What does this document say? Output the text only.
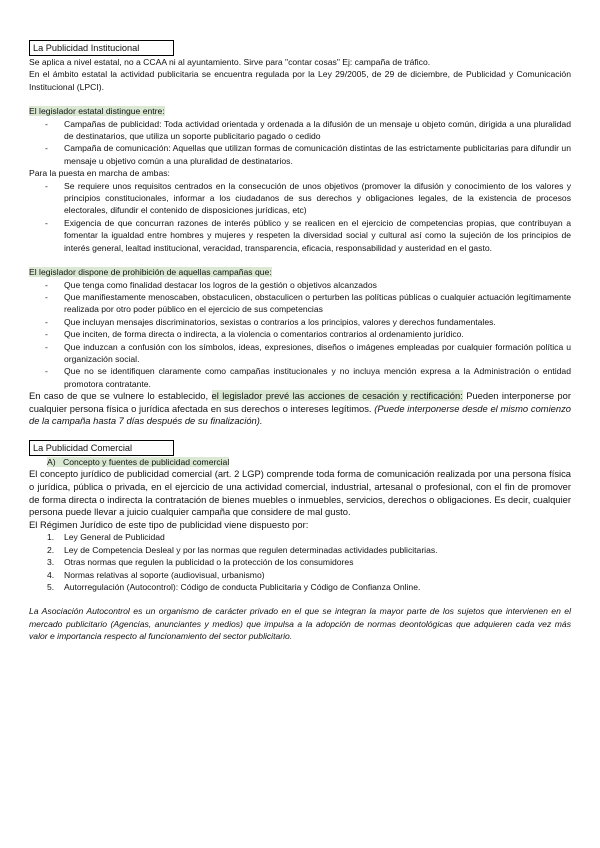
La Publicidad Institucional

Se aplica a nivel estatal, no a CCAA ni al ayuntamiento. Sirve para "contar cosas" Ej: campaña de tráfico.

En el ámbito estatal la actividad publicitaria se encuentra regulada por la Ley 29/2005, de 29 de diciembre, de Publicidad y Comunicación Institucional (LPCI).

El legislador estatal distingue entre:

- Campañas de publicidad: Toda actividad orientada y ordenada a la difusión de un mensaje u objeto común, dirigida a una pluralidad de destinatarios, que utiliza un soporte publicitario pagado o cedido
- Campaña de comunicación: Aquellas que utilizan formas de comunicación distintas de las estrictamente publicitarias para difundir un mensaje u objetivo común a una pluralidad de destinatarios.

Para la puesta en marcha de ambas:

- Se requiere unos requisitos centrados en la consecución de unos objetivos (promover la difusión y conocimiento de los valores y principios constitucionales, informar a los ciudadanos de sus derechos y obligaciones legales, de la existencia de procesos electorales, difundir el contenido de disposiciones jurídicas, etc)
- Exigencia de que concurran razones de interés público y se realicen en el ejercicio de competencias propias, que contribuyan a fomentar la igualdad entre hombres y mujeres y respeten la diversidad social y cultural así como la sujeción de los principios de interés general, lealtad institucional, veracidad, transparencia, eficacia, responsabilidad y austeridad en el gasto.

El legislador dispone de prohibición de aquellas campañas que:

- Que tenga como finalidad destacar los logros de la gestión o objetivos alcanzados
- Que manifiestamente menoscaben, obstaculicen, obstaculicen o perturben las políticas públicas o cualquier actuación legítimamente realizada por otro poder público en el ejercicio de sus competencias
- Que incluyan mensajes discriminatorios, sexistas o contrarios a los principios, valores y derechos fundamentales.
- Que inciten, de forma directa o indirecta, a la violencia o comentarios contrarios al ordenamiento jurídico.
- Que induzcan a confusión con los símbolos, ideas, expresiones, diseños o imágenes empleadas por cualquier formación política u organización social.
- Que no se identifiquen claramente como campañas institucionales y no incluya mención expresa a la Administración o entidad promotora contratante.

En caso de que se vulnere lo establecido, el legislador prevé las acciones de cesación y rectificación: Pueden interponerse por cualquier persona física o jurídica afectada en sus derechos o intereses legítimos. (Puede interponerse desde el mismo comienzo de la campaña hasta 7 días después de su finalización).

La Publicidad Comercial

A) Concepto y fuentes de publicidad comercial

El concepto jurídico de publicidad comercial (art. 2 LGP) comprende toda forma de comunicación realizada por una persona física o jurídica, pública o privada, en el ejercicio de una actividad comercial, industrial, artesanal o profesional, con el fin de promover de forma directa o indirecta la contratación de bienes muebles o inmuebles, servicios, derechos o obligaciones. Es decir, cualquier persona puede llevar a juicio cualquier campaña que considere de mal gusto.

El Régimen Jurídico de este tipo de publicidad viene dispuesto por:

1. Ley General de Publicidad
2. Ley de Competencia Desleal y por las normas que regulen determinadas actividades publicitarias.
3. Otras normas que regulen la publicidad o la protección de los consumidores
4. Normas relativas al soporte (audiovisual, urbanismo)
5. Autorregulación (Autocontrol): Código de conducta Publicitaria y Código de Confianza Online.

La Asociación Autocontrol es un organismo de carácter privado en el que se integran la mayor parte de los sujetos que intervienen en el mercado publicitario (Agencias, anunciantes y medios) que impulsa a la adopción de normas deontológicas que adquieren cada vez más valor e importancia respecto al funcionamiento del sector publicitario.
